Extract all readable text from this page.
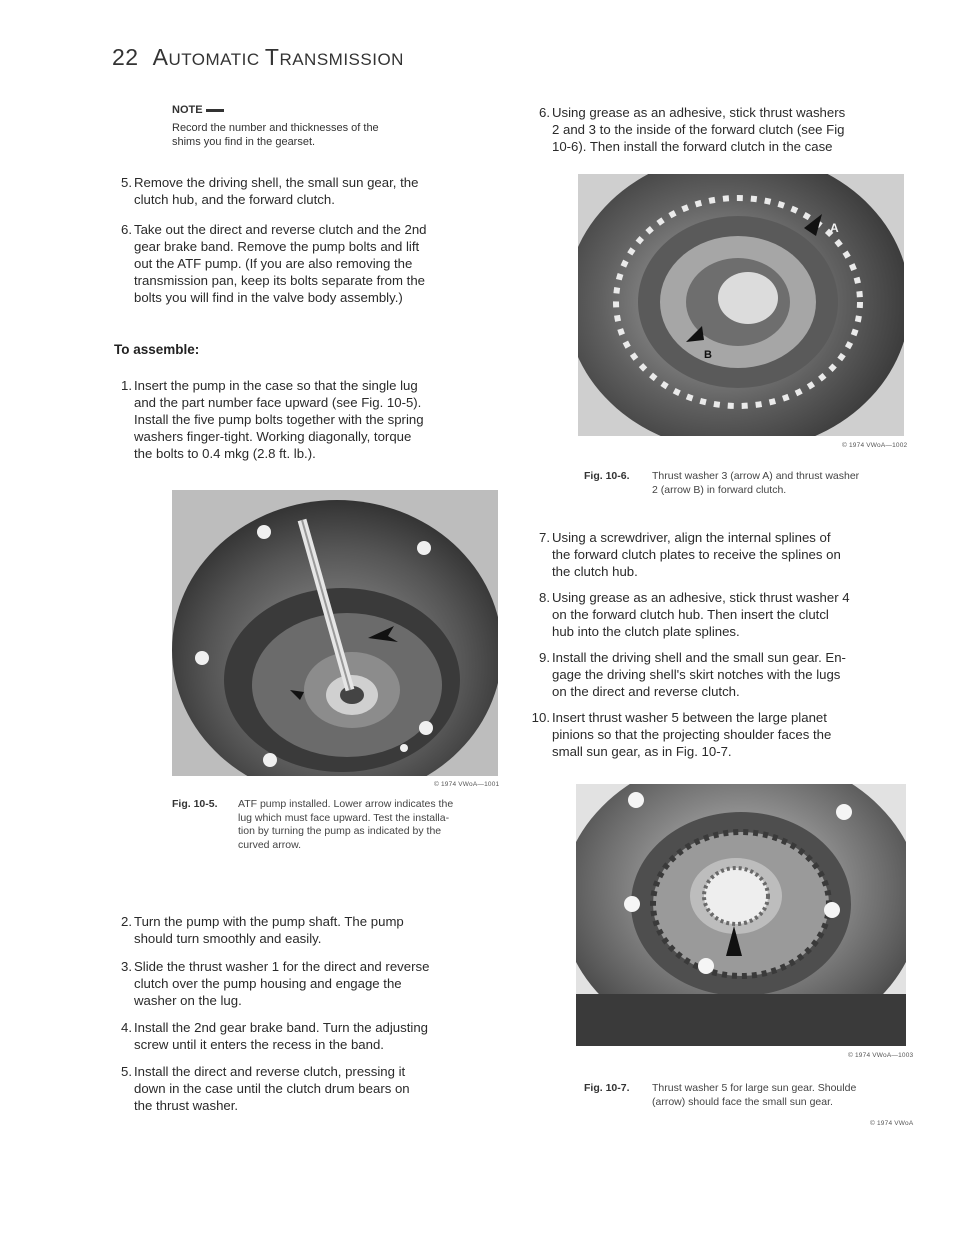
22 AUTOMATIC TRANSMISSION
NOTE
Record the number and thicknesses of the
shims you find in the gearset.
5. Remove the driving shell, the small sun gear, the
clutch hub, and the forward clutch.
6. Take out the direct and reverse clutch and the 2nd
gear brake band. Remove the pump bolts and lift
out the ATF pump. (If you are also removing the
transmission pan, keep its bolts separate from the
bolts you will find in the valve body assembly.)
To assemble:
1. Insert the pump in the case so that the single lug
and the part number face upward (see Fig. 10-5).
Install the five pump bolts together with the spring
washers finger-tight. Working diagonally, torque
the bolts to 0.4 mkg (2.8 ft. lb.).
© 1974 VWoA—1001
Fig. 10-5. ATF pump installed. Lower arrow indicates the
lug which must face upward. Test the installa-
tion by turning the pump as indicated by the
curved arrow.
2. Turn the pump with the pump shaft. The pump
should turn smoothly and easily.
3. Slide the thrust washer 1 for the direct and reverse
clutch over the pump housing and engage the
washer on the lug.
4. Install the 2nd gear brake band. Turn the adjusting
screw until it enters the recess in the band.
5. Install the direct and reverse clutch, pressing it
down in the case until the clutch drum bears on
the thrust washer.
6. Using grease as an adhesive, stick thrust washers
2 and 3 to the inside of the forward clutch (see Fig
10-6). Then install the forward clutch in the case
A
B
© 1974 VWoA—1002
Fig. 10-6. Thrust washer 3 (arrow A) and thrust washer
2 (arrow B) in forward clutch.
7. Using a screwdriver, align the internal splines of
the forward clutch plates to receive the splines on
the clutch hub.
8. Using grease as an adhesive, stick thrust washer 4
on the forward clutch hub. Then insert the clutcl
hub into the clutch plate splines.
9. Install the driving shell and the small sun gear. En-
gage the driving shell's skirt notches with the lugs
on the direct and reverse clutch.
10. Insert thrust washer 5 between the large planet
pinions so that the projecting shoulder faces the
small sun gear, as in Fig. 10-7.
© 1974 VWoA—1003
Fig. 10-7. Thrust washer 5 for large sun gear. Shoulde
(arrow) should face the small sun gear.
© 1974 VWoA
